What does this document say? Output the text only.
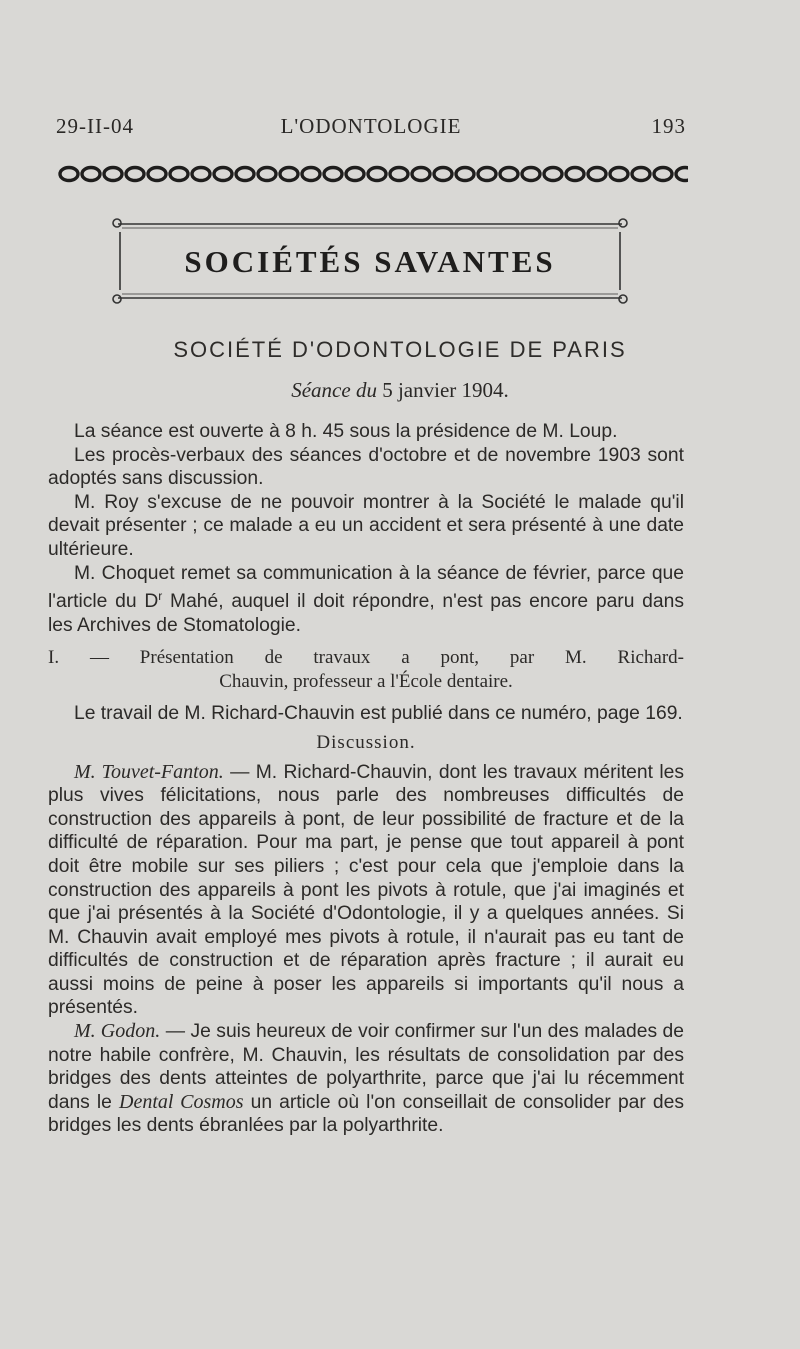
29-II-04	L'ODONTOLOGIE	193
SOCIÉTÉS SAVANTES
SOCIÉTÉ D'ODONTOLOGIE DE PARIS
Séance du 5 janvier 1904.

La séance est ouverte à 8 h. 45 sous la présidence de M. Loup.

Les procès-verbaux des séances d'octobre et de novembre 1903 sont adoptés sans discussion.

M. Roy s'excuse de ne pouvoir montrer à la Société le malade qu'il devait présenter ; ce malade a eu un accident et sera présenté à une date ultérieure.

M. Choquet remet sa communication à la séance de février, parce que l'article du $D^r$ Mahé, auquel il doit répondre, n'est pas encore paru dans les Archives de Stomatologie.

I. — Présentation de travaux a pont, par M. Richard-
Chauvin, professeur a l'École dentaire.

Le travail de M. Richard-Chauvin est publié dans ce numéro, page 169.

Discussion.

M. Touvet-Fanton. — M. Richard-Chauvin, dont les travaux méritent les plus vives félicitations, nous parle des nombreuses difficultés de construction des appareils à pont, de leur possibilité de fracture et de la difficulté de réparation. Pour ma part, je pense que tout appareil à pont doit être mobile sur ses piliers ; c'est pour cela que j'emploie dans la construction des appareils à pont les pivots à rotule, que j'ai imaginés et que j'ai présentés à la Société d'Odontologie, il y a quelques années. Si M. Chauvin avait employé mes pivots à rotule, il n'aurait pas eu tant de difficultés de construction et de réparation après fracture ; il aurait eu aussi moins de peine à poser les appareils si importants qu'il nous a présentés.

M. Godon. — Je suis heureux de voir confirmer sur l'un des malades de notre habile confrère, M. Chauvin, les résultats de consolidation par des bridges des dents atteintes de polyarthrite, parce que j'ai lu récemment dans le Dental Cosmos un article où l'on conseillait de consolider par des bridges les dents ébranlées par la polyarthrite.
